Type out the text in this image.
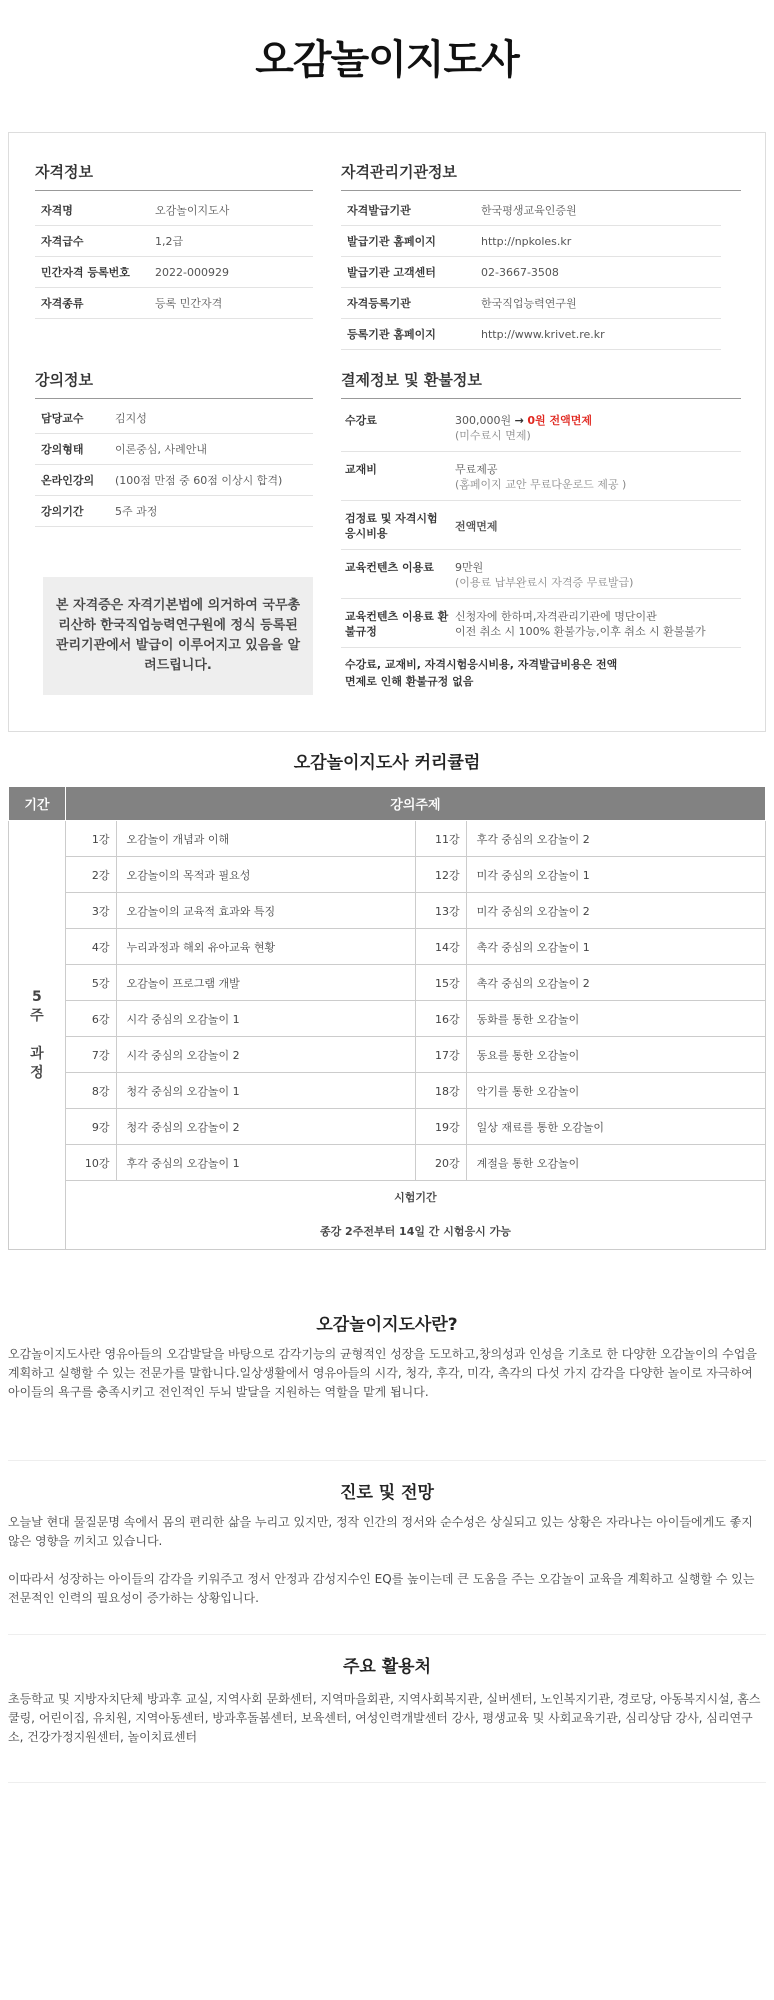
오감놀이지도사
자격정보
자격명	오감놀이지도사
자격급수	1,2급
민간자격 등록번호	2022-000929
자격종류	등록 민간자격
자격관리기관정보
자격발급기관	한국평생교육인증원
발급기관 홈페이지	http://npkoles.kr
발급기관 고객센터	02-3667-3508
자격등록기관	한국직업능력연구원
등록기관 홈페이지	http://www.krivet.re.kr
강의정보
담당교수	김지성
강의형태	이론중심, 사례안내
온라인강의	(100점 만점 중 60점 이상시 합격)
강의기간	5주 과정
본 자격증은 자격기본법에 의거하여 국무총리산하 한국직업능력연구원에 정식 등록된 관리기관에서 발급이 이루어지고 있음을 알려드립니다.
결제정보 및 환불정보
수강료	300,000원 → 0원 전액면제
(미수료시 면제)
교재비	무료제공
(홈페이지 교안 무료다운로드 제공 )
검정료 및 자격시험 응시비용
전액면제
교육컨텐츠 이용료	9만원
(이용료 납부완료시 자격증 무료발급)
교육컨텐츠 이용료 환불규정
신청자에 한하며,자격관리기관에 명단이관
이전 취소 시 100% 환불가능,이후 취소 시 환불불가
수강료, 교재비, 자격시험응시비용, 자격발급비용은 전액면제로 인해 환불규정 없음
오감놀이지도사 커리큘럼
기간	강의주제			
5
주

과
정	1강	오감놀이 개념과 이해	11강	후각 중심의 오감놀이 2
	2강	오감놀이의 목적과 필요성	12강	미각 중심의 오감놀이 1
	3강	오감놀이의 교육적 효과와 특징	13강	미각 중심의 오감놀이 2
	4강	누리과정과 해외 유아교육 현황	14강	촉각 중심의 오감놀이 1
	5강	오감놀이 프로그램 개발	15강	촉각 중심의 오감놀이 2
	6강	시각 중심의 오감놀이 1	16강	동화를 통한 오감놀이
	7강	시각 중심의 오감놀이 2	17강	동요를 통한 오감놀이
	8강	청각 중심의 오감놀이 1	18강	악기를 통한 오감놀이
	9강	청각 중심의 오감놀이 2	19강	일상 재료를 통한 오감놀이
	10강	후각 중심의 오감놀이 1	20강	계절을 통한 오감놀이

	시험기간
종강 2주전부터 14일 간 시험응시 가능			
오감놀이지도사란?
오감놀이지도사란 영유아들의 오감발달을 바탕으로 감각기능의 균형적인 성장을 도모하고,창의성과 인성을 기초로 한 다양한 오감놀이의 수업을 계획하고 실행할 수 있는 전문가를 말합니다.일상생활에서 영유아들의 시각, 청각, 후각, 미각, 촉각의 다섯 가지 감각을 다양한 놀이로 자극하여 아이들의 욕구를 충족시키고 전인적인 두뇌 발달을 지원하는 역할을 맡게 됩니다.
진로 및 전망
오늘날 현대 물질문명 속에서 몸의 편리한 삶을 누리고 있지만, 정작 인간의 정서와 순수성은 상실되고 있는 상황은 자라나는 아이들에게도 좋지 않은 영향을 끼치고 있습니다.
이따라서 성장하는 아이들의 감각을 키워주고 정서 안정과 감성지수인 EQ를 높이는데 큰 도움을 주는 오감놀이 교육을 계획하고 실행할 수 있는 전문적인 인력의 필요성이 증가하는 상황입니다.
주요 활용처
초등학교 및 지방자치단체 방과후 교실, 지역사회 문화센터, 지역마을회관, 지역사회복지관, 실버센터, 노인복지기관, 경로당, 아동복지시설, 홈스쿨링, 어린이집, 유치원, 지역아동센터, 방과후돌봄센터, 보육센터, 여성인력개발센터 강사, 평생교육 및 사회교육기관, 심리상담 강사, 심리연구소, 건강가정지원센터, 놀이치료센터
